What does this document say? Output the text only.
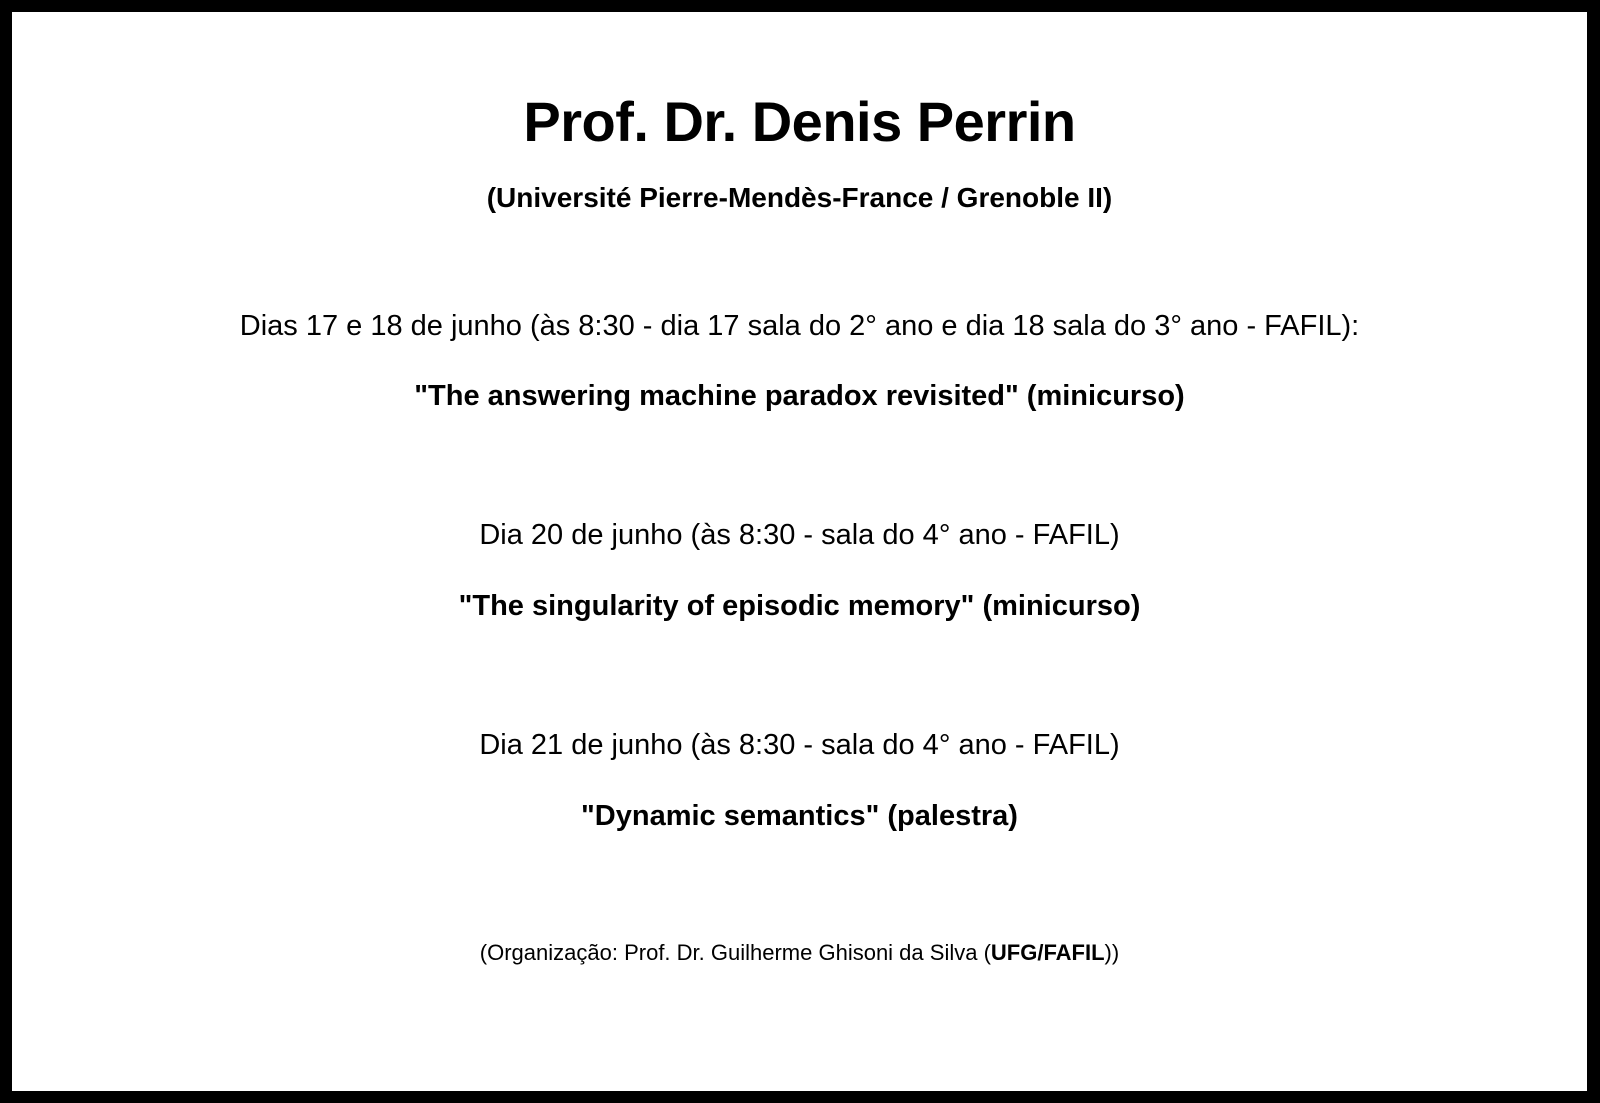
Prof. Dr. Denis Perrin
(Université Pierre-Mendès-France / Grenoble II)
Dias 17 e 18 de junho (às 8:30 - dia 17 sala do 2° ano e dia 18 sala do 3° ano - FAFIL):
"The answering machine paradox revisited" (minicurso)
Dia 20 de junho (às 8:30 - sala do 4° ano - FAFIL)
"The singularity of episodic memory" (minicurso)
Dia 21 de junho (às 8:30 - sala do 4° ano - FAFIL)
"Dynamic semantics" (palestra)
(Organização: Prof. Dr. Guilherme Ghisoni da Silva (UFG/FAFIL))
